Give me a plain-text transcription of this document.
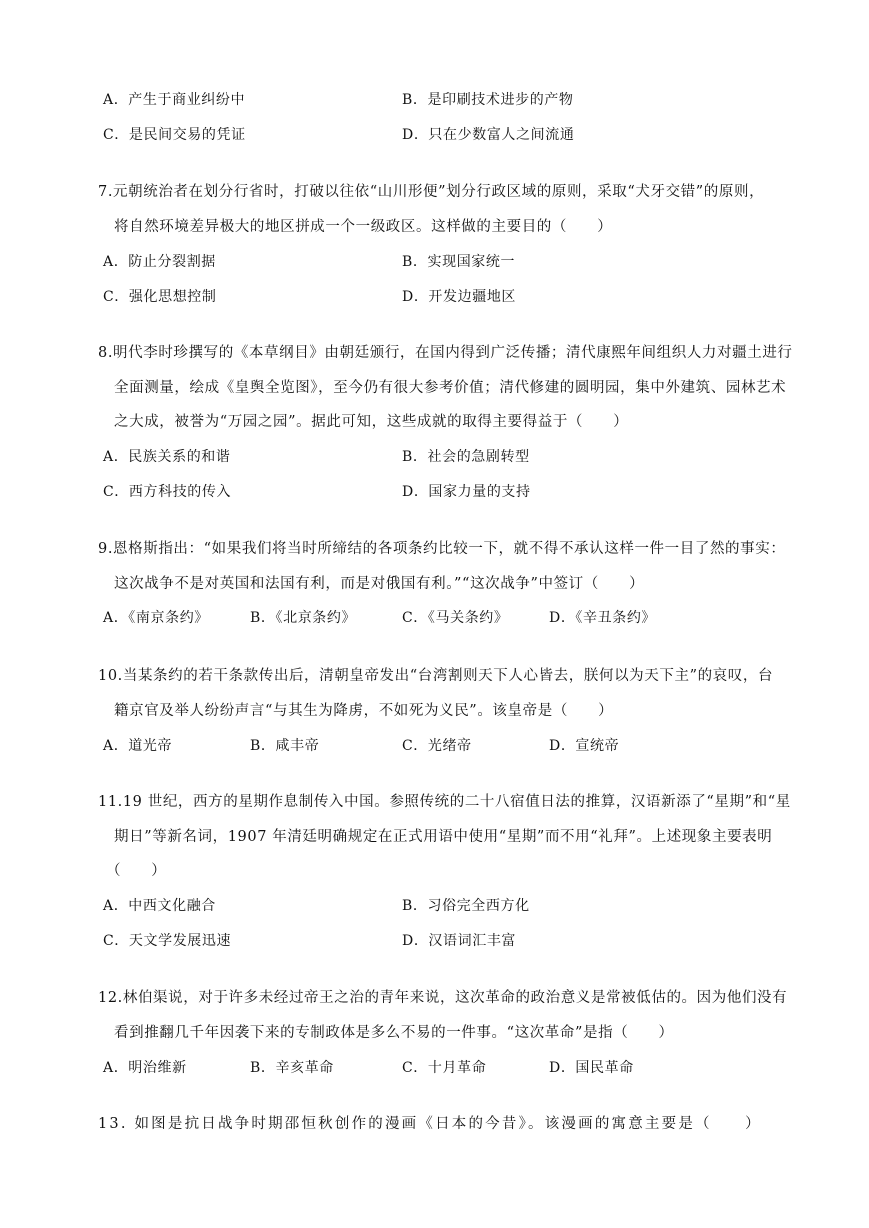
A．产生于商业纠纷中	B．是印刷技术进步的产物
C．是民间交易的凭证	D．只在少数富人之间流通
7.元朝统治者在划分行省时，打破以往依“山川形便”划分行政区域的原则，采取“犬牙交错”的原则，
将自然环境差异极大的地区拼成一个一级政区。这样做的主要目的（　　）
A．防止分裂割据	B．实现国家统一
C．强化思想控制	D．开发边疆地区
8.明代李时珍撰写的《本草纲目》由朝廷颁行，在国内得到广泛传播；清代康熙年间组织人力对疆土进行
全面测量，绘成《皇舆全览图》，至今仍有很大参考价值；清代修建的圆明园，集中外建筑、园林艺术
之大成，被誉为“万园之园”。据此可知，这些成就的取得主要得益于（　　）
A．民族关系的和谐	B．社会的急剧转型
C．西方科技的传入	D．国家力量的支持
9.恩格斯指出：“如果我们将当时所缔结的各项条约比较一下，就不得不承认这样一件一目了然的事实：
这次战争不是对英国和法国有利，而是对俄国有利。”“这次战争”中签订（　　）
A．《南京条约》	B．《北京条约》	C．《马关条约》	D．《辛丑条约》
10.当某条约的若干条款传出后，清朝皇帝发出“台湾割则天下人心皆去，朕何以为天下主”的哀叹，台
籍京官及举人纷纷声言“与其生为降虏，不如死为义民”。该皇帝是（　　）
A．道光帝	B．咸丰帝	C．光绪帝	D．宣统帝
11.19 世纪，西方的星期作息制传入中国。参照传统的二十八宿值日法的推算，汉语新添了“星期”和“星
期日”等新名词，1907 年清廷明确规定在正式用语中使用“星期”而不用“礼拜”。上述现象主要表明
（　　）
A．中西文化融合	B．习俗完全西方化
C．天文学发展迅速	D．汉语词汇丰富
12.林伯渠说，对于许多未经过帝王之治的青年来说，这次革命的政治意义是常被低估的。因为他们没有
看到推翻几千年因袭下来的专制政体是多么不易的一件事。“这次革命”是指（　　）
A．明治维新	B．辛亥革命	C．十月革命	D．国民革命
13. 如图是抗日战争时期邵恒秋创作的漫画《日本的今昔》。该漫画的寓意主要是（　　）
